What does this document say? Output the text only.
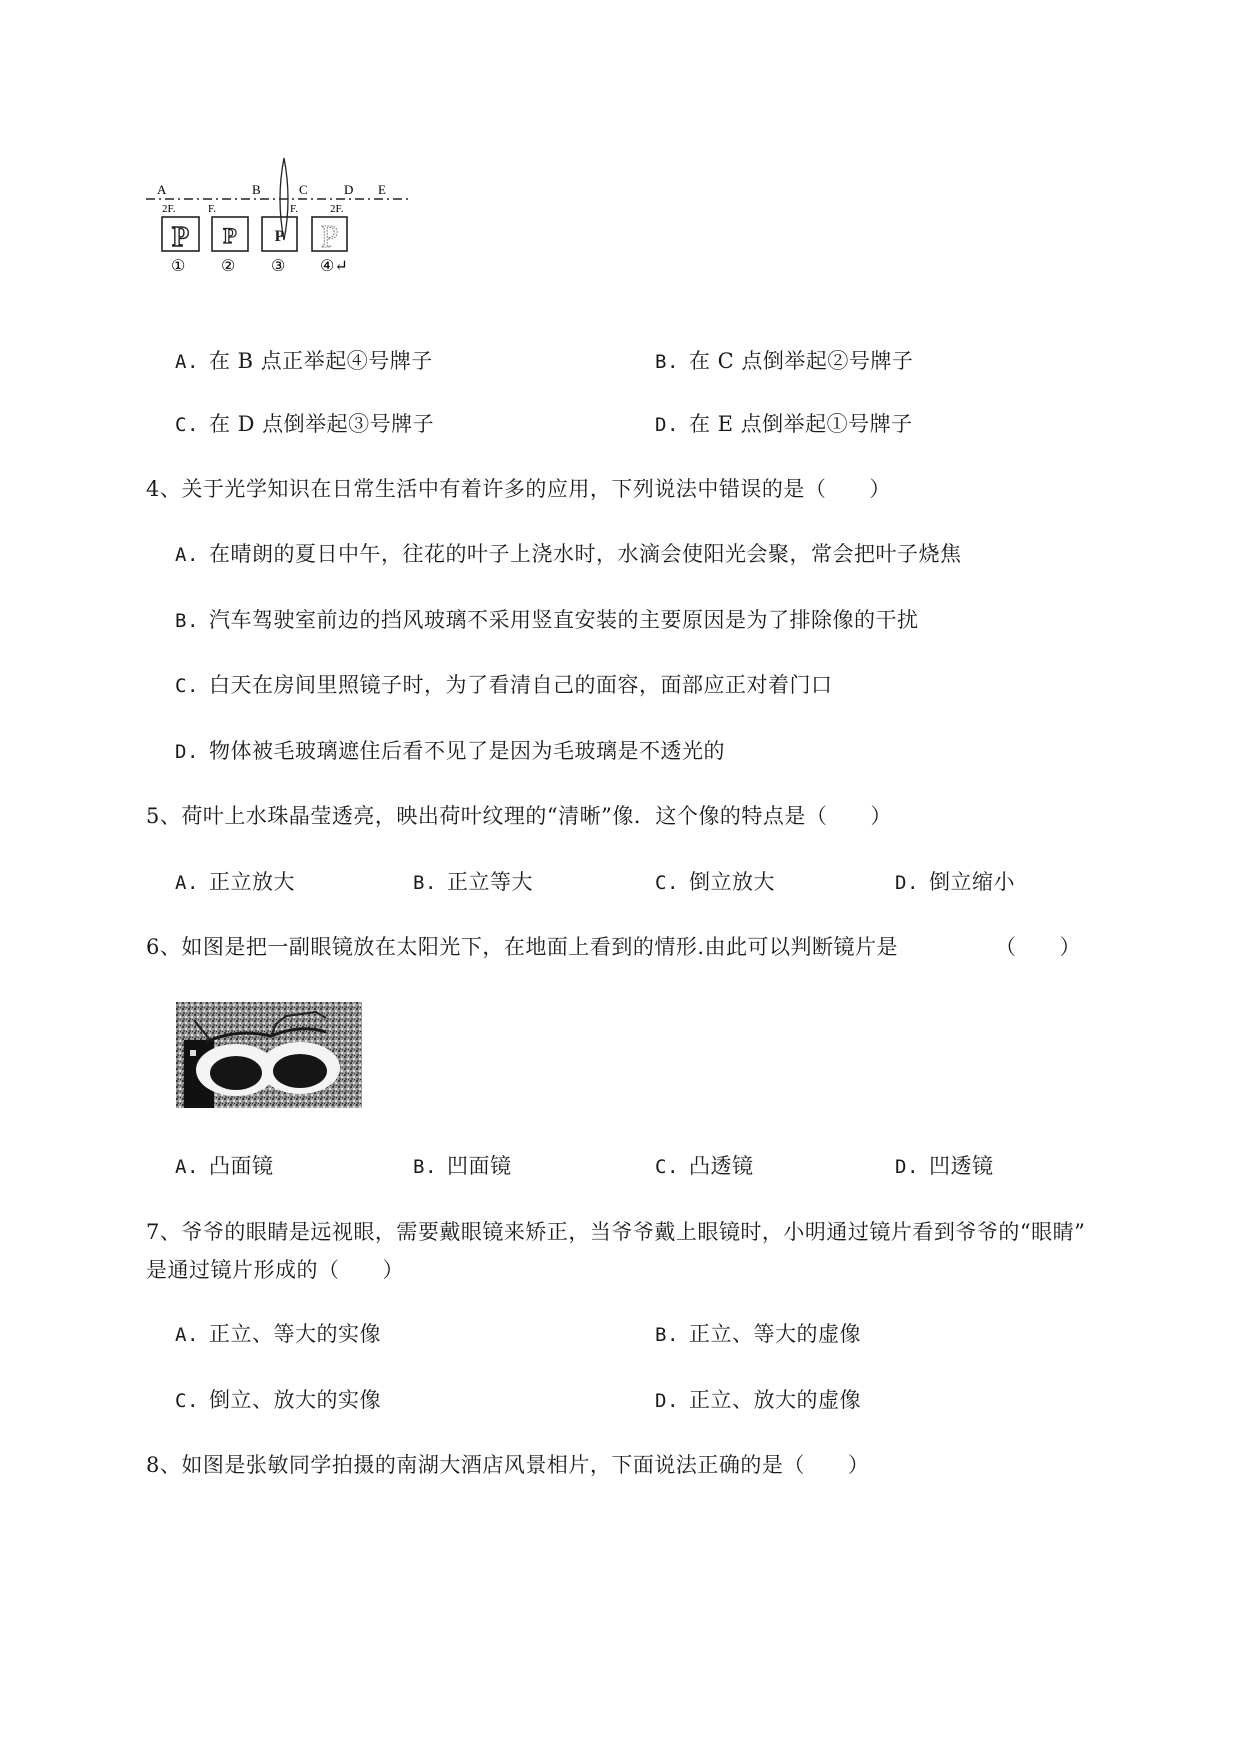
A	B	C	D E
2F.	F.	F.	2F.
P P P P
① ② ③ ④↵
A. 在 B 点正举起④号牌子	B. 在 C 点倒举起②号牌子
C. 在 D 点倒举起③号牌子	D. 在 E 点倒举起①号牌子
4、关于光学知识在日常生活中有着许多的应用，下列说法中错误的是（　　）
A. 在晴朗的夏日中午，往花的叶子上浇水时，水滴会使阳光会聚，常会把叶子烧焦
B. 汽车驾驶室前边的挡风玻璃不采用竖直安装的主要原因是为了排除像的干扰
C. 白天在房间里照镜子时，为了看清自己的面容，面部应正对着门口
D. 物体被毛玻璃遮住后看不见了是因为毛玻璃是不透光的
5、荷叶上水珠晶莹透亮，映出荷叶纹理的“清晰”像．这个像的特点是（　　）
A. 正立放大	B. 正立等大	C. 倒立放大	D. 倒立缩小
6、如图是把一副眼镜放在太阳光下，在地面上看到的情形.由此可以判断镜片是	（　　）
A. 凸面镜	B. 凹面镜	C. 凸透镜	D. 凹透镜
7、爷爷的眼睛是远视眼，需要戴眼镜来矫正，当爷爷戴上眼镜时，小明通过镜片看到爷爷的“眼睛”
是通过镜片形成的（　　）
A. 正立、等大的实像	B. 正立、等大的虚像
C. 倒立、放大的实像	D. 正立、放大的虚像
8、如图是张敏同学拍摄的南湖大酒店风景相片，下面说法正确的是（　　）
